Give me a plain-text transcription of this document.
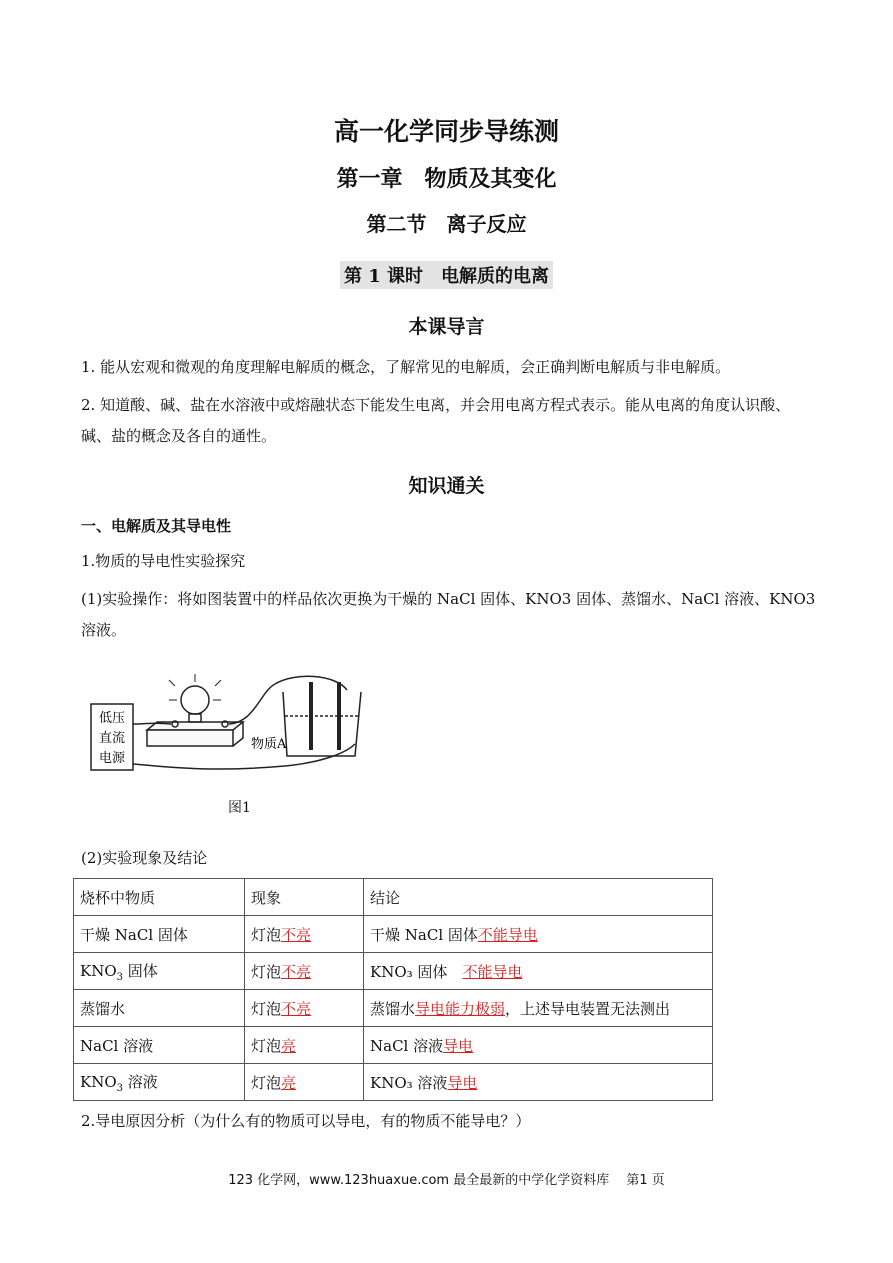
高一化学同步导练测
第一章　物质及其变化
第二节　离子反应
第 1 课时　电解质的电离
本课导言
1. 能从宏观和微观的角度理解电解质的概念，了解常见的电解质，会正确判断电解质与非电解质。
2. 知道酸、碱、盐在水溶液中或熔融状态下能发生电离，并会用电离方程式表示。能从电离的角度认识酸、碱、盐的概念及各自的通性。
知识通关
一、电解质及其导电性
1.物质的导电性实验探究
(1)实验操作：将如图装置中的样品依次更换为干燥的 NaCl 固体、KNO3 固体、蒸馏水、NaCl 溶液、KNO3 溶液。
低压
直流
电源
物质A
图1
(2)实验现象及结论
烧杯中物质	现象	结论
干燥 NaCl 固体	灯泡不亮	干燥 NaCl 固体不能导电
$KNO_3$ 固体	灯泡不亮	KNO₃ 固体　 不能导电
蒸馏水	灯泡不亮	蒸馏水导电能力极弱，上述导电装置无法测出
NaCl 溶液	灯泡亮	NaCl 溶液导电
$KNO_3$ 溶液	灯泡亮	KNO₃ 溶液导电
2.导电原因分析（为什么有的物质可以导电，有的物质不能导电？）
123 化学网，www.123huaxue.com 最全最新的中学化学资料库　 第1 页
